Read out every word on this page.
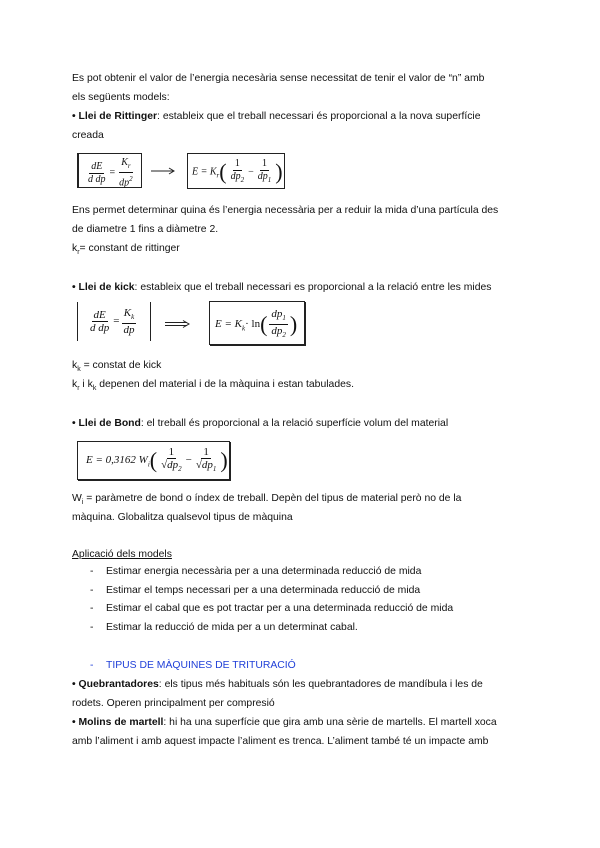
Es pot obtenir el valor de l’energia necesària sense necessitat de tenir el valor de “n” amb
els següents models:
• Llei de Rittinger: estableix que el treball necessari és proporcional a la nova superfície
creada
$\frac{dE}{\text{d dp}} = \frac{K_r}{dp^2}$	$E = K_r( \frac{1}{dp_2} - \frac{1}{dp_1}$ )
Ens permet determinar quina és l’energia necessària per a reduir la mida d’una partícula des
de diametre 1 fins a diàmetre 2.
$k_r=$ constant de rittinger
• Llei de kick: estableix que el treball necessari es proporcional a la relació entre les mides
$\frac{dE}{\text{d dp}} = \frac{K_k}{dp}$	$E = K_k\cdot \ln( \frac{dp_1}{dp_2}$ )
$k_k$ = constat de kick
$k_r$ i $k_k$ depenen del material i de la màquina i estan tabulades.
• Llei de Bond: el treball és proporcional a la relació superfície volum del material
E = 0,3162 $W_i( \frac{1}{√dp_2} - \frac{1}{√dp_1}$ )
$W_i$ = paràmetre de bond o índex de treball. Depèn del tipus de material però no de la
màquina. Globalitza qualsevol tipus de màquina
Aplicació dels models
- Estimar energia necessària per a una determinada reducció de mida
- Estimar el temps necessari per a una determinada reducció de mida
- Estimar el cabal que es pot tractar per a una determinada reducció de mida
- Estimar la reducció de mida per a un determinat cabal.
- TIPUS DE MÀQUINES DE TRITURACIÓ
• Quebrantadores: els tipus més habituals són les quebrantadores de mandíbula i les de
rodets. Operen principalment per compresió
• Molins de martell: hi ha una superfície que gira amb una sèrie de martells. El martell xoca
amb l’aliment i amb aquest impacte l’aliment es trenca. L’aliment també té un impacte amb
